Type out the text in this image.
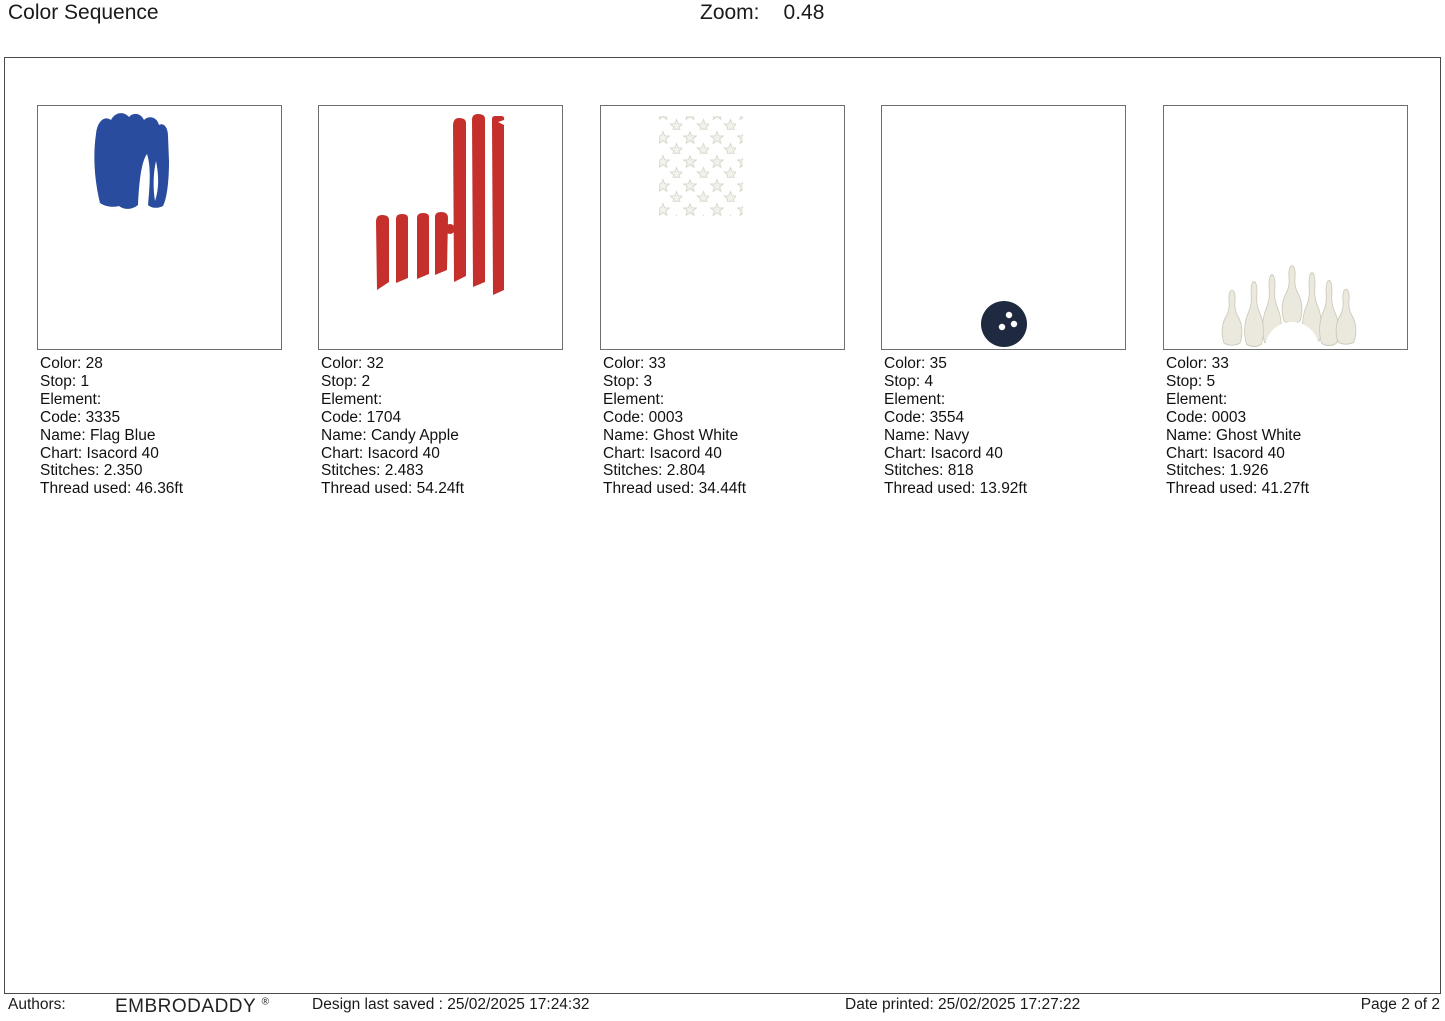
Color Sequence	Zoom: 0.48
Color: 28
Stop: 1
Element:
Code: 3335
Name: Flag Blue
Chart: Isacord 40
Stitches: 2.350
Thread used: 46.36ft
Color: 32
Stop: 2
Element:
Code: 1704
Name: Candy Apple
Chart: Isacord 40
Stitches: 2.483
Thread used: 54.24ft
Color: 33
Stop: 3
Element:
Code: 0003
Name: Ghost White
Chart: Isacord 40
Stitches: 2.804
Thread used: 34.44ft
Color: 35
Stop: 4
Element:
Code: 3554
Name: Navy
Chart: Isacord 40
Stitches: 818
Thread used: 13.92ft
Color: 33
Stop: 5
Element:
Code: 0003
Name: Ghost White
Chart: Isacord 40
Stitches: 1.926
Thread used: 41.27ft
Authors:	EMBRODADDY ®	Design last saved : 25/02/2025 17:24:32	Date printed: 25/02/2025 17:27:22	Page 2 of 2
